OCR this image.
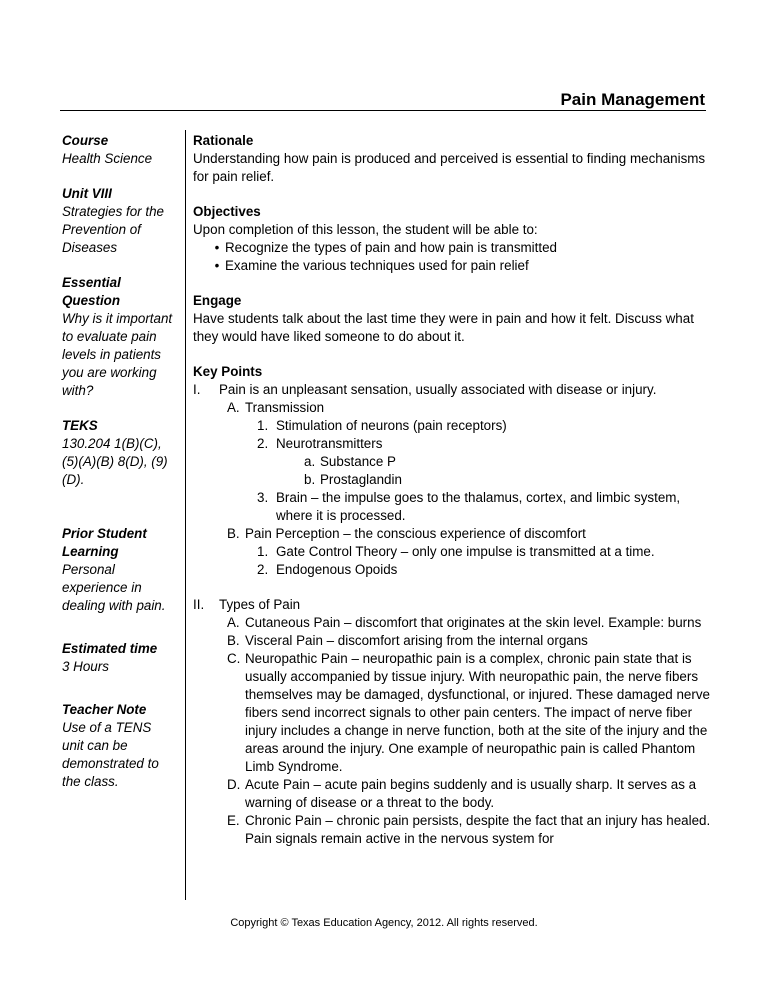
Pain Management
Course
Health Science
Unit VIII
Strategies for the Prevention of Diseases
Essential Question
Why is it important to evaluate pain levels in patients you are working with?
TEKS
130.204 1(B)(C),(5)(A)(B) 8(D), (9)(D).
Prior Student Learning
Personal experience in dealing with pain.
Estimated time
3 Hours
Teacher Note
Use of a TENS unit can be demonstrated to the class.
Rationale
Understanding how pain is produced and perceived is essential to finding mechanisms for pain relief.
Objectives
Upon completion of this lesson, the student will be able to:
• Recognize the types of pain and how pain is transmitted
• Examine the various techniques used for pain relief
Engage
Have students talk about the last time they were in pain and how it felt. Discuss what they would have liked someone to do about it.
Key Points
I.	Pain is an unpleasant sensation, usually associated with disease or injury.
A. Transmission
1. Stimulation of neurons (pain receptors)
2. Neurotransmitters
a. Substance P
b. Prostaglandin
3. Brain – the impulse goes to the thalamus, cortex, and limbic system, where it is processed.
B. Pain Perception – the conscious experience of discomfort
1. Gate Control Theory – only one impulse is transmitted at a time.
2. Endogenous Opoids
II.	Types of Pain
A. Cutaneous Pain – discomfort that originates at the skin level. Example: burns
B. Visceral Pain – discomfort arising from the internal organs
C. Neuropathic Pain – neuropathic pain is a complex, chronic pain state that is usually accompanied by tissue injury. With neuropathic pain, the nerve fibers themselves may be damaged, dysfunctional, or injured. These damaged nerve fibers send incorrect signals to other pain centers. The impact of nerve fiber injury includes a change in nerve function, both at the site of the injury and the areas around the injury. One example of neuropathic pain is called Phantom Limb Syndrome.
D. Acute Pain – acute pain begins suddenly and is usually sharp. It serves as a warning of disease or a threat to the body.
E. Chronic Pain – chronic pain persists, despite the fact that an injury has healed. Pain signals remain active in the nervous system for
Copyright © Texas Education Agency, 2012. All rights reserved.
